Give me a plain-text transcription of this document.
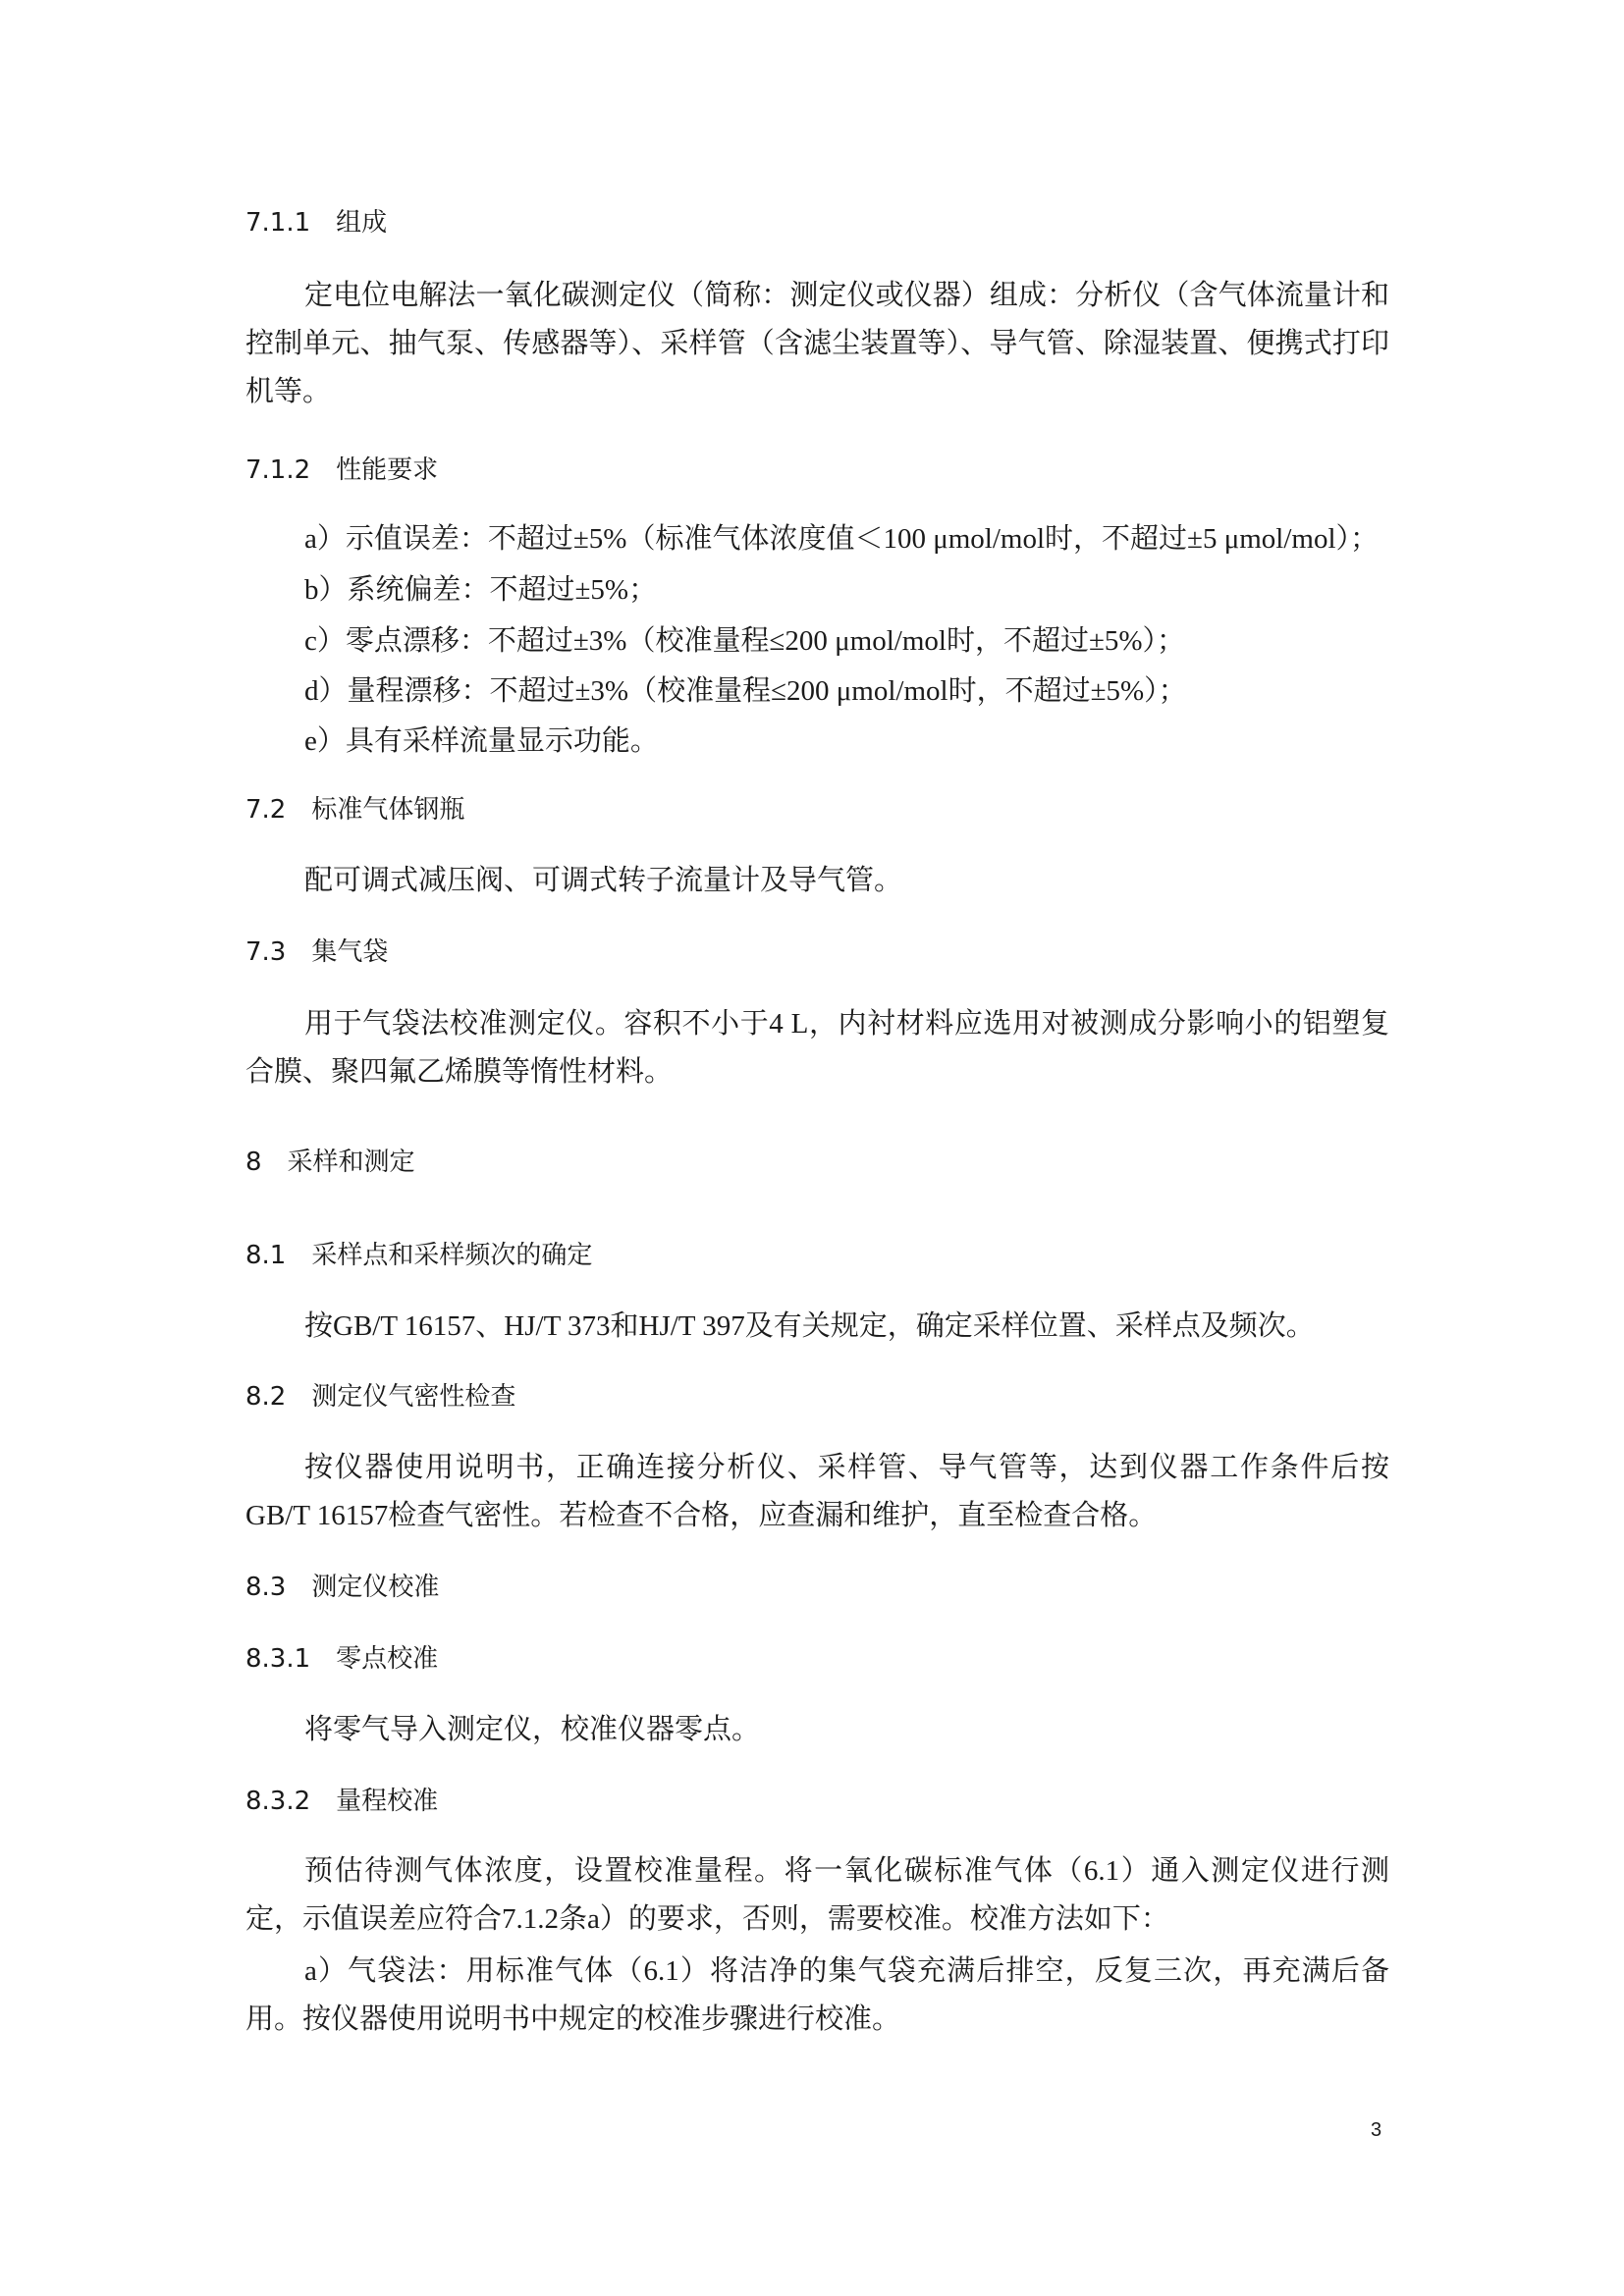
7.1.1 组成
定电位电解法一氧化碳测定仪（简称：测定仪或仪器）组成：分析仪（含气体流量计和控制单元、抽气泵、传感器等）、采样管（含滤尘装置等）、导气管、除湿装置、便携式打印机等。
7.1.2 性能要求
a）示值误差：不超过±5%（标准气体浓度值＜100 μmol/mol时，不超过±5 μmol/mol）；
b）系统偏差：不超过±5%；
c）零点漂移：不超过±3%（校准量程≤200 μmol/mol时，不超过±5%）；
d）量程漂移：不超过±3%（校准量程≤200 μmol/mol时，不超过±5%）；
e）具有采样流量显示功能。
7.2 标准气体钢瓶
配可调式减压阀、可调式转子流量计及导气管。
7.3 集气袋
用于气袋法校准测定仪。容积不小于4 L，内衬材料应选用对被测成分影响小的铝塑复合膜、聚四氟乙烯膜等惰性材料。
8 采样和测定
8.1 采样点和采样频次的确定
按GB/T 16157、HJ/T 373和HJ/T 397及有关规定，确定采样位置、采样点及频次。
8.2 测定仪气密性检查
按仪器使用说明书，正确连接分析仪、采样管、导气管等，达到仪器工作条件后按GB/T 16157检查气密性。若检查不合格，应查漏和维护，直至检查合格。
8.3 测定仪校准
8.3.1 零点校准
将零气导入测定仪，校准仪器零点。
8.3.2 量程校准
预估待测气体浓度，设置校准量程。将一氧化碳标准气体（6.1）通入测定仪进行测定，示值误差应符合7.1.2条a）的要求，否则，需要校准。校准方法如下：
a）气袋法：用标准气体（6.1）将洁净的集气袋充满后排空，反复三次，再充满后备用。按仪器使用说明书中规定的校准步骤进行校准。
3
